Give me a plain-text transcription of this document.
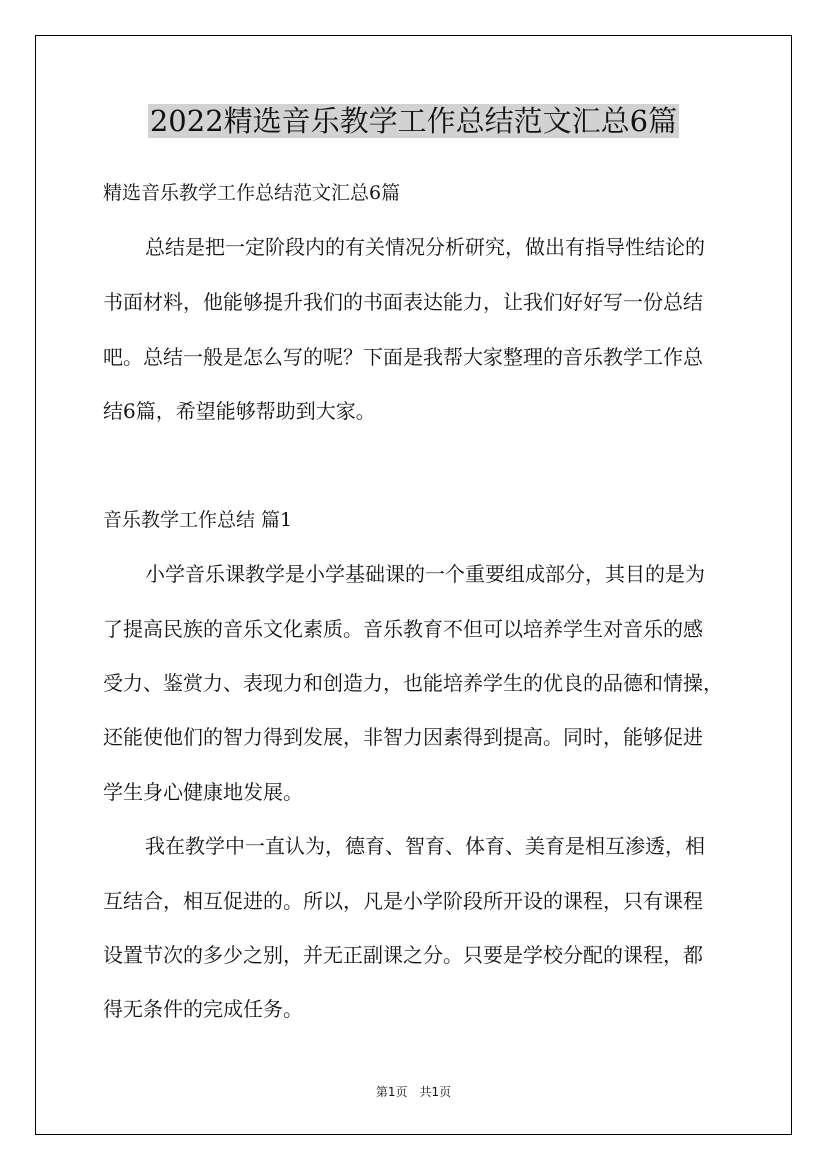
2022精选音乐教学工作总结范文汇总6篇

精选音乐教学工作总结范文汇总6篇

总结是把一定阶段内的有关情况分析研究，做出有指导性结论的

书面材料，他能够提升我们的书面表达能力，让我们好好写一份总结

吧。总结一般是怎么写的呢？下面是我帮大家整理的音乐教学工作总

结6篇，希望能够帮助到大家。

音乐教学工作总结 篇1

小学音乐课教学是小学基础课的一个重要组成部分，其目的是为

了提高民族的音乐文化素质。音乐教育不但可以培养学生对音乐的感

受力、鉴赏力、表现力和创造力，也能培养学生的优良的品德和情操，

还能使他们的智力得到发展，非智力因素得到提高。同时，能够促进

学生身心健康地发展。

我在教学中一直认为，德育、智育、体育、美育是相互渗透，相

互结合，相互促进的。所以，凡是小学阶段所开设的课程，只有课程

设置节次的多少之别，并无正副课之分。只要是学校分配的课程，都

得无条件的完成任务。

第1页 共1页
